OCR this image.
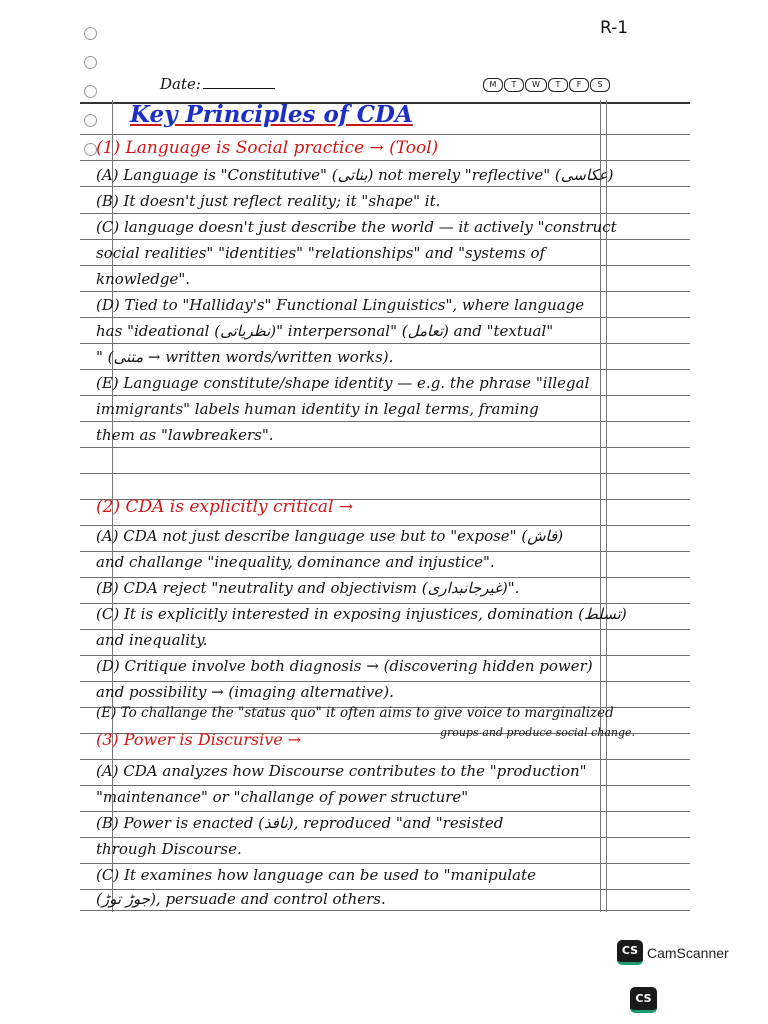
R-1
Date:	M	T	W	T	F	S
Key Principles of CDA
(1) Language is Social practice → (Tool)
(A) Language is "Constitutive" (بناتی) not merely "reflective" (عکاسی)
(B) It doesn't just reflect reality; it "shape" it.
(C) language doesn't just describe the world — it actively "construct
social realities" "identities" "relationships" and "systems of
knowledge".
(D) Tied to "Halliday's" Functional Linguistics", where language
has "ideational (نظریاتی)" interpersonal" (تعامل) and "textual"
" (متنی → written words/written works).
(E) Language constitute/shape identity — e.g. the phrase "illegal
immigrants" labels human identity in legal terms, framing
them as "lawbreakers".
(2) CDA is explicitly critical →
(A) CDA not just describe language use but to "expose" (فاش)
and challange "inequality, dominance and injustice".
(B) CDA reject "neutrality and objectivism (غیرجانبداری)".
(C) It is explicitly interested in exposing injustices, domination (تسلط)
and inequality.
(D) Critique involve both diagnosis → (discovering hidden power)
and possibility → (imaging alternative).
(E) To challange the "status quo" it often aims to give voice to marginalized
groups and produce social change.
(3) Power is Discursive →
(A) CDA analyzes how Discourse contributes to the "production"
"maintenance" or "challange of power structure"
(B) Power is enacted (نافذ), reproduced "and "resisted
through Discourse.
(C) It examines how language can be used to "manipulate
(جوڑ توڑ), persuade and control others.
CS CamScanner
CS
